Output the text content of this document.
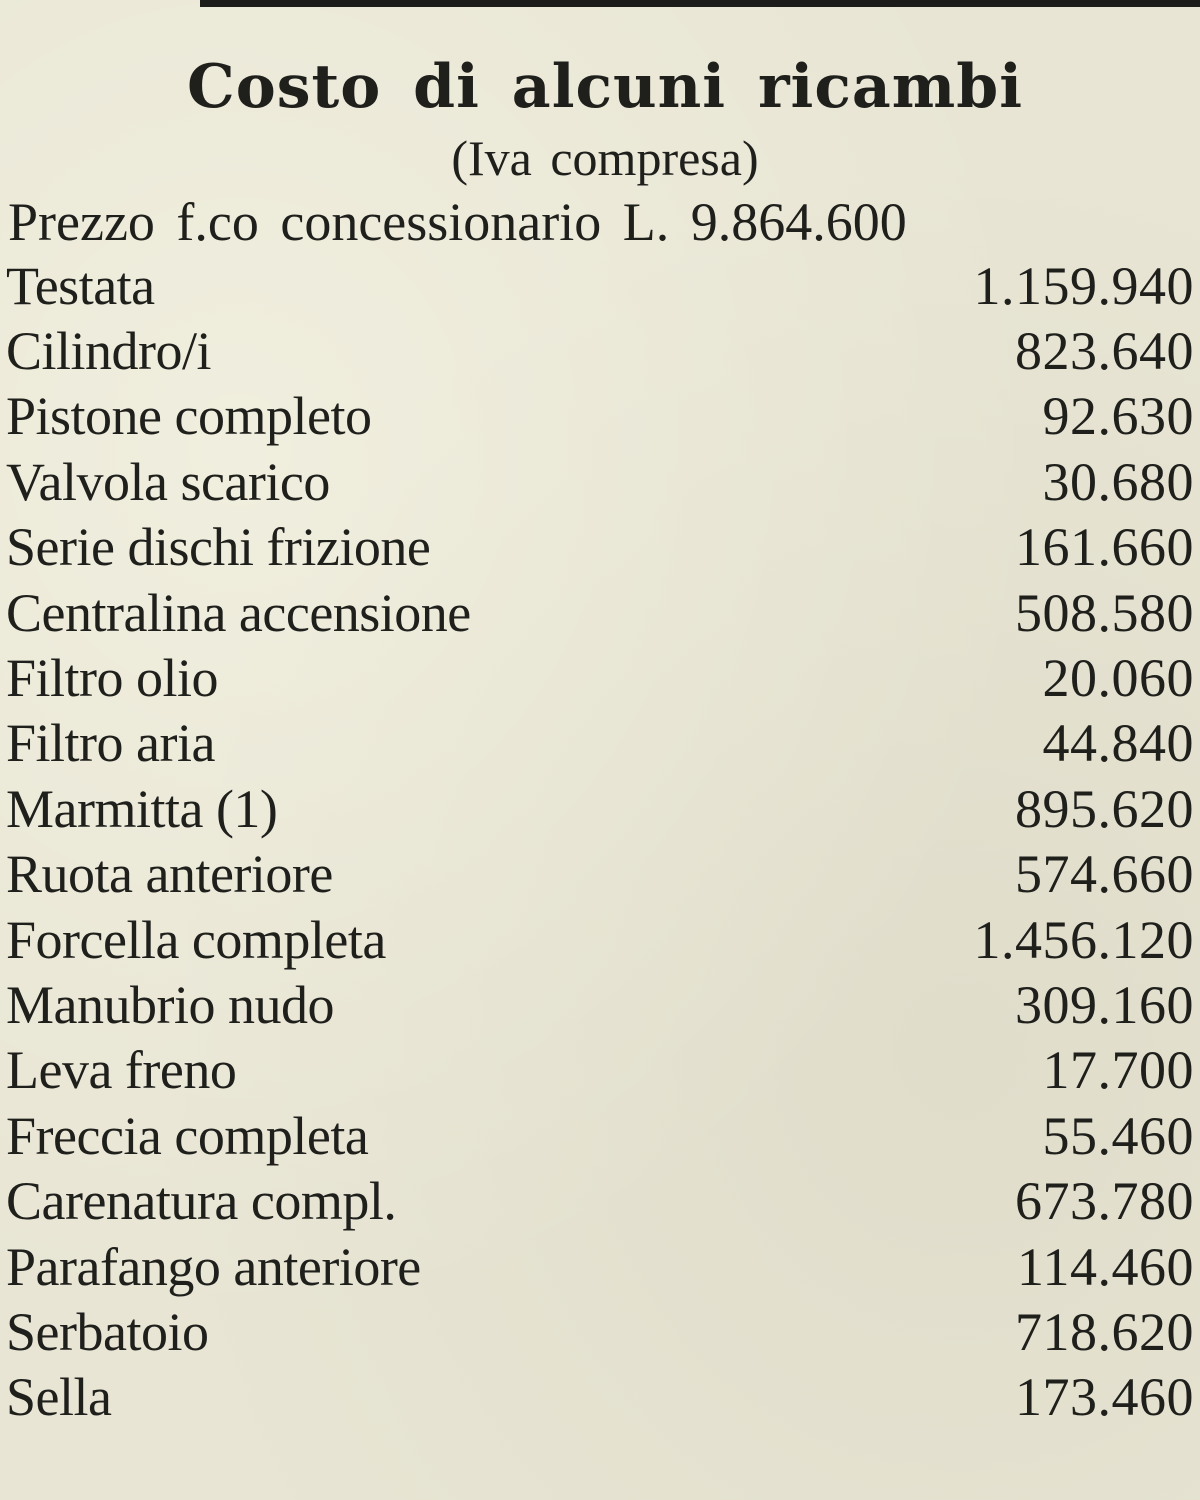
Costo di alcuni ricambi
(Iva compresa)
Prezzo f.co concessionario L. 9.864.600
Testata	1.159.940
Cilindro/i	823.640
Pistone completo	92.630
Valvola scarico	30.680
Serie dischi frizione	161.660
Centralina accensione	508.580
Filtro olio	20.060
Filtro aria	44.840
Marmitta (1)	895.620
Ruota anteriore	574.660
Forcella completa	1.456.120
Manubrio nudo	309.160
Leva freno	17.700
Freccia completa	55.460
Carenatura compl.	673.780
Parafango anteriore	114.460
Serbatoio	718.620
Sella	173.460
